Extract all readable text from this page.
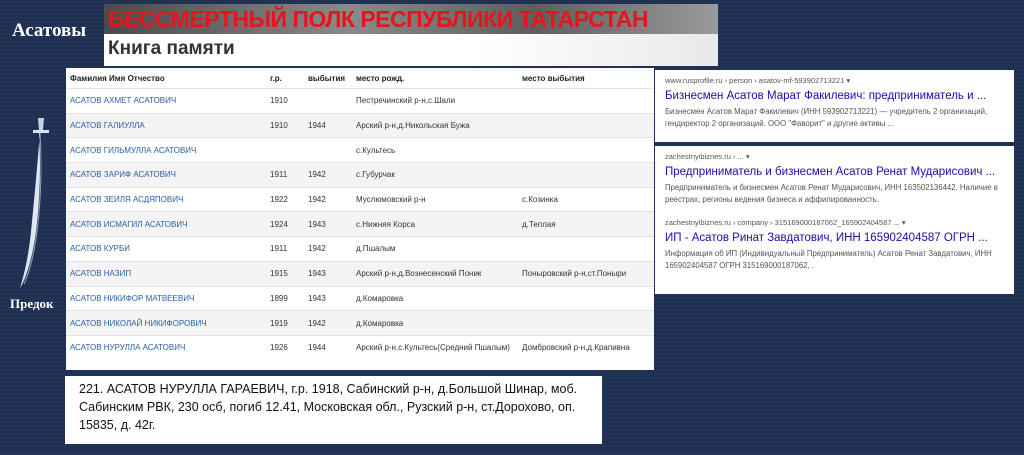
Асатовы
Предок
БЕССМЕРТНЫЙ ПОЛК РЕСПУБЛИКИ ТАТАРСТАН
Книга памяти
Фамилия Имя Отчество	г.р.	выбытия	место рожд.	место выбытия
АСАТОВ АХМЕТ АСАТОВИЧ	1910		Пестречинский р-н,с.Шали	
АСАТОВ ГАЛИУЛЛА	1910	1944	Арский р-н,д.Никольская Бужа	
АСАТОВ ГИЛЬМУЛЛА АСАТОВИЧ			с.Культесь	
АСАТОВ ЗАРИФ АСАТОВИЧ	1911	1942	с.Губурчак	
АСАТОВ ЗЕИЛЯ АСДЯПОВИЧ	1922	1942	Муслюмовский р-н	с.Козинка
АСАТОВ ИСМАГИЛ АСАТОВИЧ	1924	1943	с.Нижняя Корса	д.Теплая
АСАТОВ КУРБИ	1911	1942	д.Пшалым	
АСАТОВ НАЗИП	1915	1943	Арский р-н,д.Вознесенский Поник	Поныровский р-н,ст.Поныри
АСАТОВ НИКИФОР МАТВЕЕВИЧ	1899	1943	д.Комаровка	
АСАТОВ НИКОЛАЙ НИКИФОРОВИЧ	1919	1942	д.Комаровка	
АСАТОВ НУРУЛЛА АСАТОВИЧ	1926	1944	Арский р-н,с.Культесь(Средний Пшалым)	Домбровский р-н,д.Крапивна
www.rusprofile.ru › person › asatov-mf-593902713221 ▾
Бизнесмен Асатов Марат Факилевич: предприниматель и ...
Бизнесмен Асатов Марат Факилевич (ИНН 593902713221) — учредитель 2 организаций, гендиректор 2 организаций. ООО "Фаворит" и другие активы ...
zachestnyibiznes.ru › ... ▾
Предприниматель и бизнесмен Асатов Ренат Мударисович ...
Предприниматель и бизнесмен Асатов Ренат Мударисович, ИНН 163502136442. Наличие в реестрах, регионы ведения бизнеса и аффилированность.
zachestnyibiznes.ru › company › 315169000187062_165902404587 ... ▾
ИП - Асатов Ринат Завдатович, ИНН 165902404587 ОГРН ...
Информация об ИП (Индивидуальный Предприниматель) Асатов Ренат Завдатович, ИНН 165902404587 ОГРН 315169000187062, .
221. АСАТОВ НУРУЛЛА ГАРАЕВИЧ, г.р. 1918, Сабинский р-н, д.Большой Шинар, моб. Сабинским РВК, 230 осб, погиб 12.41, Московская обл., Рузский р-н, ст.Дорохово, оп. 15835, д. 42г.
